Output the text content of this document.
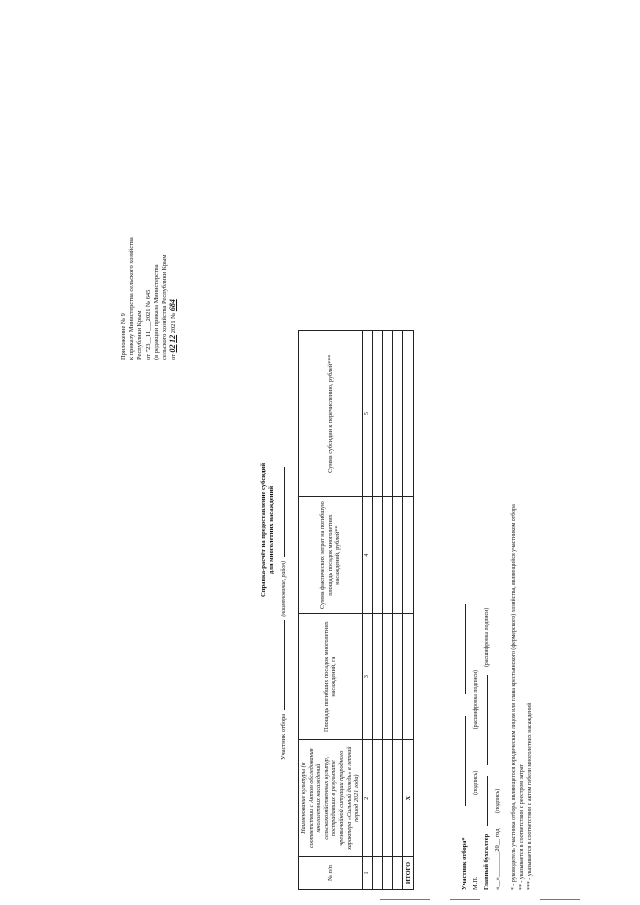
Приложение № 9 к приказу Министерства сельского хозяйства Республики Крым от "23__11___2021 № 645 (в редакции приказа Министерства сельского хозяйства Республики Крым от 02 12 2021 № 684
Справка-расчёт на предоставление субсидий для многолетних насаждений
Участник отбора  (наименование, район)
№ п/п	Наименование культуры (в соответствии с Актом обследования многолетних насаждений сельскохозяйственных культур, пострадавших в результате чрезвычайной ситуации природного характера «Сильный дождь» в летний период 2021 года)	Площадь погибших посадок многолетних насаждений, га	Сумма фактических затрат на погибшую площадь посадок многолетних насаждений, рублей**	Сумма субсидии к перечислению, рублей***
1	2	3	4	5

ИТОГО	Х			
Участник отбора* М.П. (подпись) (расшифровка подписи)
Главный бухгалтер   (расшифровка подписи)
«__»________20__ год (подпись)	* - руководитель участника отбора, являющегося юридическим лицом или глава крестьянского (фермерского) хозяйства, являющийся участником отбора ** - указывается в соответствии с реестром затрат *** - указывается в соответствии с актом гибели многолетних насаждений
